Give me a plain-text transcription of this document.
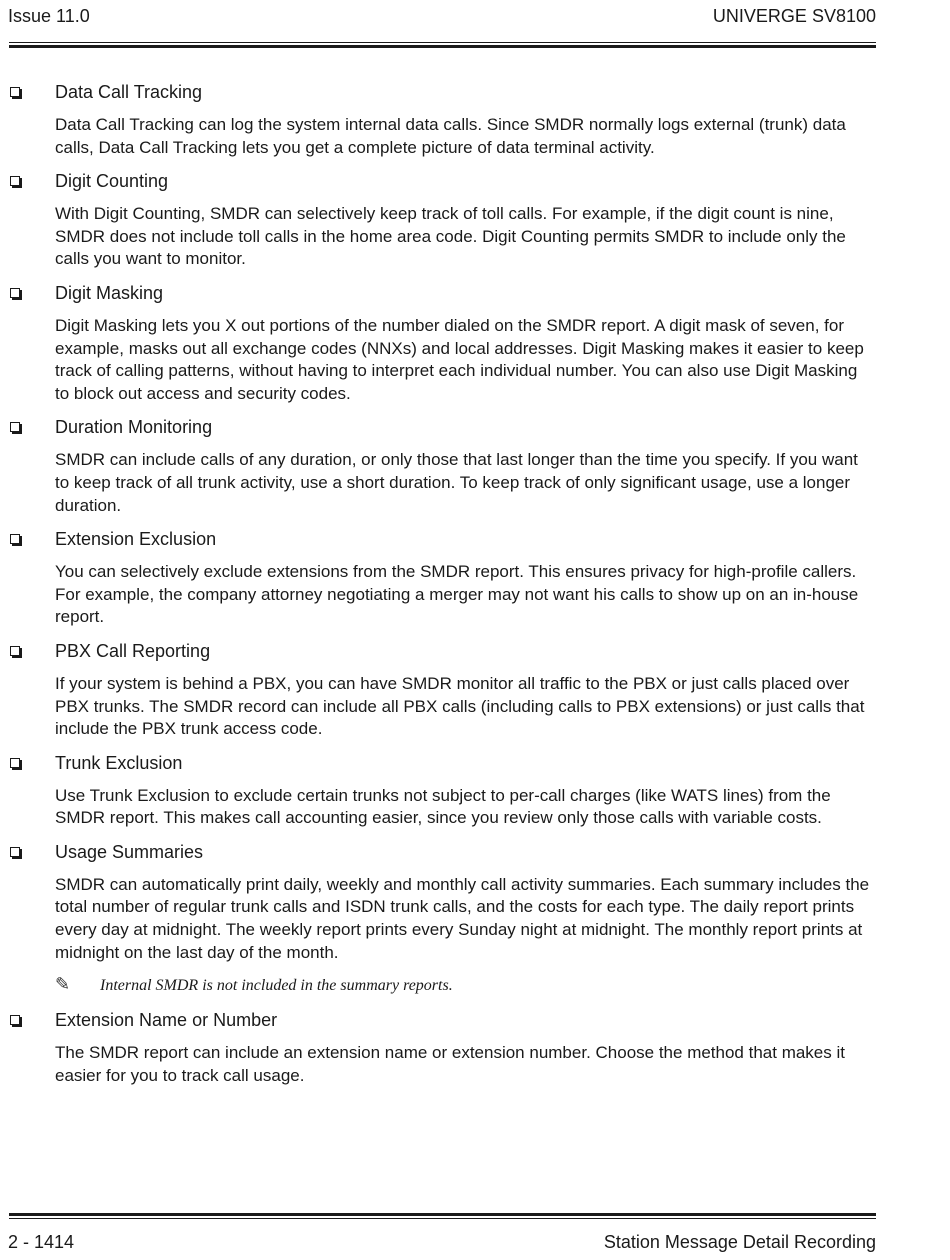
Issue 11.0	UNIVERGE SV8100
Data Call Tracking
Data Call Tracking can log the system internal data calls. Since SMDR normally logs external (trunk) data calls, Data Call Tracking lets you get a complete picture of data terminal activity.
Digit Counting
With Digit Counting, SMDR can selectively keep track of toll calls. For example, if the digit count is nine, SMDR does not include toll calls in the home area code. Digit Counting permits SMDR to include only the calls you want to monitor.
Digit Masking
Digit Masking lets you X out portions of the number dialed on the SMDR report. A digit mask of seven, for example, masks out all exchange codes (NNXs) and local addresses. Digit Masking makes it easier to keep track of calling patterns, without having to interpret each individual number. You can also use Digit Masking to block out access and security codes.
Duration Monitoring
SMDR can include calls of any duration, or only those that last longer than the time you specify. If you want to keep track of all trunk activity, use a short duration. To keep track of only significant usage, use a longer duration.
Extension Exclusion
You can selectively exclude extensions from the SMDR report. This ensures privacy for high-profile callers. For example, the company attorney negotiating a merger may not want his calls to show up on an in-house report.
PBX Call Reporting
If your system is behind a PBX, you can have SMDR monitor all traffic to the PBX or just calls placed over PBX trunks. The SMDR record can include all PBX calls (including calls to PBX extensions) or just calls that include the PBX trunk access code.
Trunk Exclusion
Use Trunk Exclusion to exclude certain trunks not subject to per-call charges (like WATS lines) from the SMDR report. This makes call accounting easier, since you review only those calls with variable costs.
Usage Summaries
SMDR can automatically print daily, weekly and monthly call activity summaries. Each summary includes the total number of regular trunk calls and ISDN trunk calls, and the costs for each type. The daily report prints every day at midnight. The weekly report prints every Sunday night at midnight. The monthly report prints at midnight on the last day of the month.
✎ Internal SMDR is not included in the summary reports.
Extension Name or Number
The SMDR report can include an extension name or extension number. Choose the method that makes it easier for you to track call usage.
2 - 1414	Station Message Detail Recording
